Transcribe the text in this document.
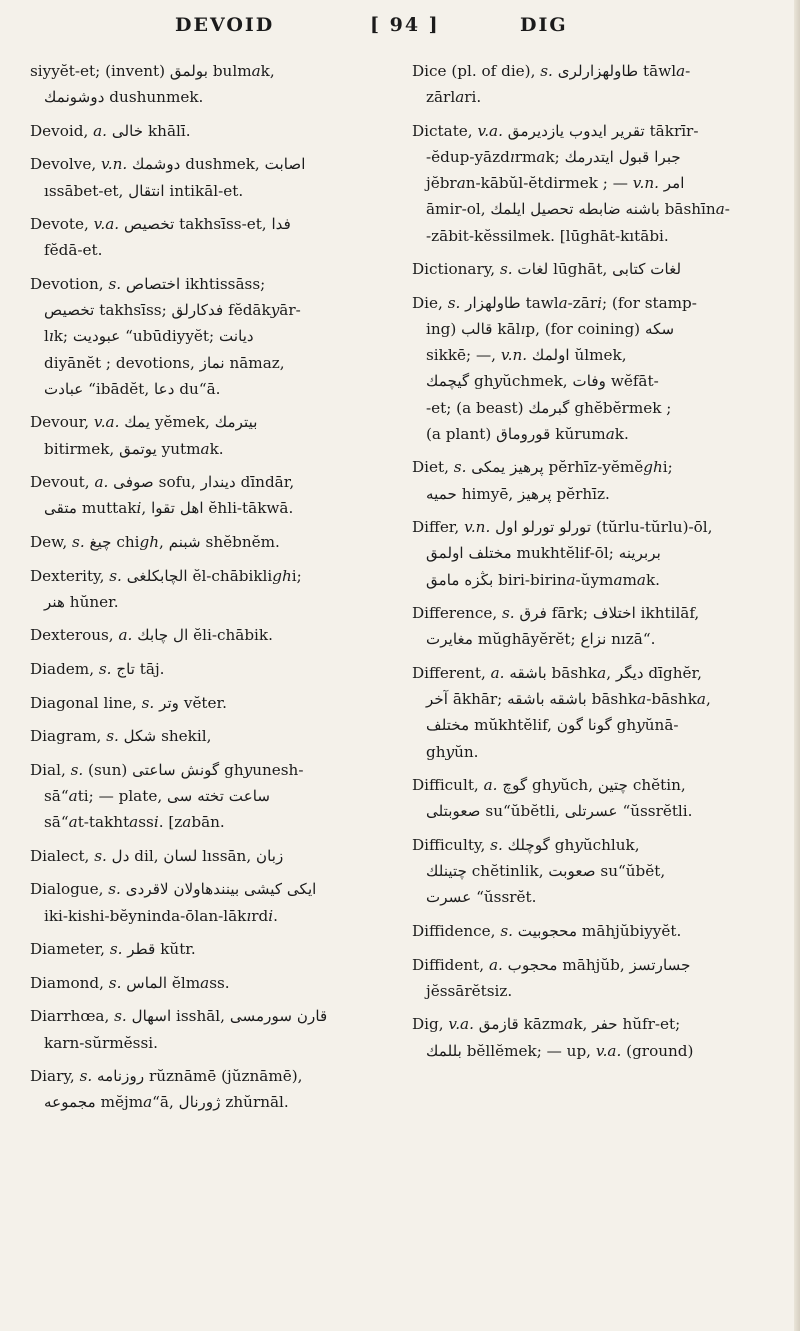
DEVOID	[ 94 ]	DIG
siyyĕt-et; (invent) بولمق bulmak,

دوشونمك dushunmek.
Devoid, a. خالى khālī.
Devolve, v.n. دوشمك dushmek, اصابت

ıssābet-et, انتقال intikāl-et.
Devote, v.a. تخصيص takhsīss-et, فدا

fĕdā-et.
Devotion, s. اختصاص ikhtissāss;

تخصيص takhsīss; فدكارلق fĕdākyār-
lık; عبوديت “ubūdiyyĕt; ديانت
diyānĕt ; devotions, نماز nāmaz,
عبادت “ibādĕt, دعا du“ā.
Devour, v.a. يمك yĕmek, بيترمك

bitirmek, يوتمق yutmak.
Devout, a. صوفى sofu, ديندار dīndār,

متقى muttaki, اهل تقوا ĕhli-tākwā.
Dew, s. چيغ chigh, شبنم shĕbnĕm.
Dexterity, s. الچابكلغى ĕl-chābiklighi;

هنر hŭner.
Dexterous, a. ال چابك ĕli-chābik.
Diadem, s. تاج tāj.
Diagonal line, s. وتر vĕter.
Diagram, s. شكل shekil,
Dial, s. (sun) گونش ساعتى ghyunesh-

sā“ati; — plate, ساعت تخته سى
sā“at-takhtassi. [zabān.
Dialect, s. دل dil, لسان lıssān, زبان
Dialogue, s. ايكى كيشى بينندهاولان لاقردى

iki-kishi-bĕyninda-ōlan-lākırdi.
Diameter, s. قطر kŭtr.
Diamond, s. الماس ĕlmass.
Diarrhœa, s. اسهال isshāl, قارن سورمسى

karn-sŭrmĕssi.
Diary, s. روزنامه rŭznāmē (jŭznāmē),

مجموعه mĕjma“ā, ژورنال zhŭrnāl.
Dice (pl. of die), s. طاولهزارلرى tāwla-

zārlari.
Dictate, v.a. تقرير ايدوب يازديرمق tākrīr-

-ĕdup-yāzdırmak; جبرا قبول ايتدرمك
jĕbran-kābŭl-ĕtdirmek ; — v.n. امر
āmir-ol, باشنه ضابطه تحصيل ايلمك bāshīna-
-zābit-kĕssilmek. [lūghāt-kıtābi.
Dictionary, s. لغات lūghāt, لغات كتابى
Die, s. طاولهزار tawla-zāri; (for stamp-

ing) قالب kālıp, (for coining) سكه
sikkē; —, v.n. اولمك ŭlmek,
گيچمك ghyŭchmek, وفات wĕfāt-
-et; (a beast) گبرمك ghĕbĕrmek ;
(a plant) قوروماق kŭrumak.
Diet, s. پرهيز يمكى pĕrhīz-yĕmĕghi;

حميه himyē, پرهيز pĕrhīz.
Differ, v.n. تورلو تورلو اول (tŭrlu-tŭrlu)-ōl,

مختلف اولمق mukhtĕlif-ōl; بربرينه
بڭزه مامق biri-birina-ŭymamak.
Difference, s. فرق fārk; اختلاف ikhtilāf,

مغايرت mŭghāyĕrĕt; نزاع nızā“.
Different, a. باشقه bāshka, ديگر dīghĕr,

آخر ākhār; باشقه باشقه bāshka-bāshka,
مختلف mŭkhtĕlif, گونا گون ghyŭnā-
ghyŭn.
Difficult, a. گوچ ghyŭch, چتين chĕtin,

صعوبتلى su“ŭbĕtli, عسرتلى “ŭssrĕtli.
Difficulty, s. گوچلك ghyŭchluk,

چتينلك chĕtinlik, صعوبت su“ŭbĕt,
عسرت “ŭssrĕt.
Diffidence, s. محجوبيت māhjŭbiyyĕt.
Diffident, a. محجوب māhjŭb, جسارتسز

jĕssārĕtsiz.
Dig, v.a. قازمق kāzmak, حفر hŭfr-et;

بللمك bĕllĕmek; — up, v.a. (ground)
